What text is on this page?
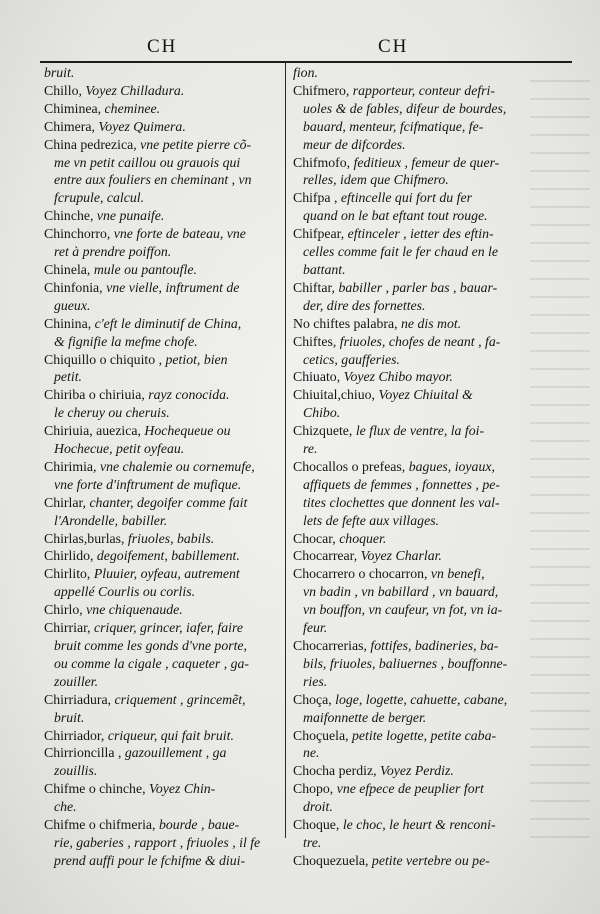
CH	CH
bruit.
Chillo, Voyez Chilladura.
Chiminea, cheminee.
Chimera, Voyez Quimera.
China pedrezica, vne petite pierre cõ-
me vn petit caillou ou grauois qui
entre aux fouliers en cheminant , vn
fcrupule, calcul.
Chinche, vne punaife.
Chinchorro, vne forte de bateau, vne
ret à prendre poiffon.
Chinela, mule ou pantoufle.
Chinfonia, vne vielle, inftrument de
gueux.
Chinina, c'eft le diminutif de China,
& fignifie la mefme chofe.
Chiquillo o chiquito , petiot, bien
petit.
Chiriba o chiriuia, rayz conocida.
le cheruy ou cheruis.
Chiriuia, auezica, Hochequeue ou
Hochecue, petit oyfeau.
Chirimia, vne chalemie ou cornemufe,
vne forte d'inftrument de mufique.
Chirlar, chanter, degoifer comme fait
l'Arondelle, babiller.
Chirlas,burlas, friuoles, babils.
Chirlido, degoifement, babillement.
Chirlito, Pluuier, oyfeau, autrement
appellé Courlis ou corlis.
Chirlo, vne chiquenaude.
Chirriar, criquer, grincer, iafer, faire
bruit comme les gonds d'vne porte,
ou comme la cigale , caqueter , ga-
zouiller.
Chirriadura, criquement , grincemẽt,
bruit.
Chirriador, criqueur, qui fait bruit.
Chirrioncilla , gazouillement , ga
zouillis.
Chifme o chinche, Voyez Chin-
che.
Chifme o chifmeria, bourde , baue-
rie, gaberies , rapport , friuoles , il fe
prend auffi pour le fchifme & diui-
fion.
Chifmero, rapporteur, conteur defri-
uoles & de fables, difeur de bourdes,
bauard, menteur, fcifmatique, fe-
meur de difcordes.
Chifmofo, feditieux , femeur de quer-
relles, idem que Chifmero.
Chifpa , eftincelle qui fort du fer
quand on le bat eftant tout rouge.
Chifpear, eftinceler , ietter des eftin-
celles comme fait le fer chaud en le
battant.
Chiftar, babiller , parler bas , bauar-
der, dire des fornettes.
No chiftes palabra, ne dis mot.
Chiftes, friuoles, chofes de neant , fa-
cetics, gaufferies.
Chiuato, Voyez Chibo mayor.
Chiuital,chiuo, Voyez Chiuital &
Chibo.
Chizquete, le flux de ventre, la foi-
re.
Chocallos o prefeas, bagues, ioyaux,
affiquets de femmes , fonnettes , pe-
tites clochettes que donnent les val-
lets de fefte aux villages.
Chocar, choquer.
Chocarrear, Voyez Charlar.
Chocarrero o chocarron, vn benefi,
vn badin , vn babillard , vn bauard,
vn bouffon, vn caufeur, vn fot, vn ia-
feur.
Chocarrerias, fottifes, badineries, ba-
bils, friuoles, baliuernes , bouffonne-
ries.
Choça, loge, logette, cahuette, cabane,
maifonnette de berger.
Choçuela, petite logette, petite caba-
ne.
Chocha perdiz, Voyez Perdiz.
Chopo, vne efpece de peuplier fort
droit.
Choque, le choc, le heurt & renconi-
tre.
Choquezuela, petite vertebre ou pe-
